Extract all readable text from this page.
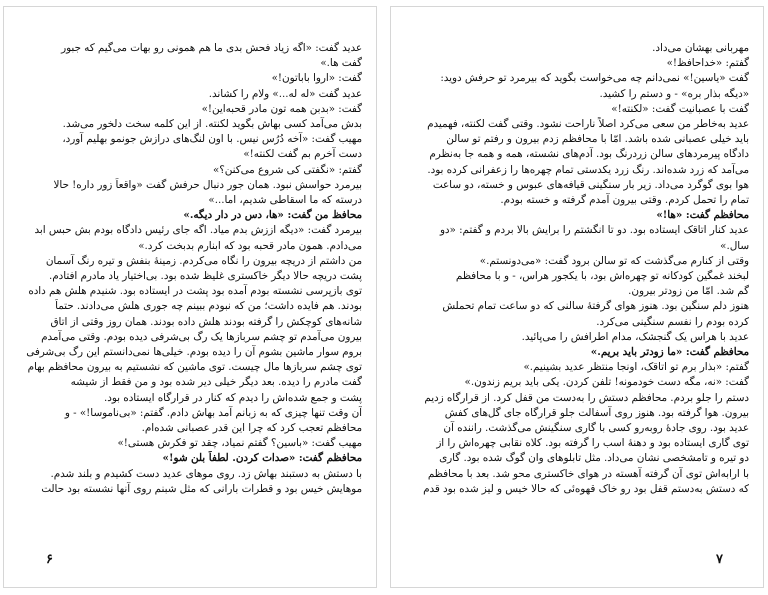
عدید گفت: «اگه زیاد فحش بدی ما هم همونی رو بهات می‌گیم که جبور

گفت ها.»

گفت: «اروا باباتون!»

عدید گفت «له له...» ولام را کشاند.

گفت: «بدبن همه تون مادر قحبه‌این!»

بدش می‌آمد کسی بهاش بگوید لکنته. از این کلمه سخت دلخور می‌شد.

مهیب گفت: «آخه دُرُس نیس. با اون لنگ‌های درازش جونمو بهلیم آورد،

دست آخرم بم گفت لکنته!»

گفتم: «نگفتی کی شروع می‌کنن؟»

بیرمرد حواسش نبود. همان جور دنبال حرفش گفت «واقعاً زور داره! حالا

درسته که ما اسقاطی شدیم، اما...»

محافظ من گفت: «ها، دس در دار دیگه.»

بیرمرد گفت: «دیگه اززش بدم میاد. اگه جای رئیس دادگاه بودم بش حبس ابد

می‌دادم. همون مادر قحبه بود که ابنارم بدبخت کرد.»

من داشتم از دریچه بیرون را نگاه می‌کردم. زمینهٔ بنفش و تیره رنگ آسمان

پشت دریچه حالا دیگر خاکستری غلیظ شده بود. بی‌اختیار یاد مادرم افتادم.

توی بازپرسی نشسته بودم آمده بود پشت در ایستاده بود. شنیدم هلش هم داده

بودند. هم فایده داشت؛ من که نبودم ببینم چه جوری هلش می‌دادند. حتماً

شانه‌های کوچکش را گرفته بودند هلش داده بودند. همان روز وقتی از اتاق

بیرون می‌آمدم تو چشم سربازها یک رگ بی‌شرفی دیده بودم. وقتی می‌آمدم

بروم سوار ماشین بشوم آن را دیده بودم. خیلی‌ها نمی‌دانستم این رگ بی‌شرفی

توی چشم سربازها مال چیست. توی ماشین که نشستیم به بیرون محافظم بهام

گفت مادرم را دیده. بعد دیگر خیلی دیر شده بود و من فقط از شیشه

پشت و جمع شده‌اش را دیدم که کنار در قرارگاه ایستاده بود.

آن وقت تنها چیزی که به زبانم آمد بهاش دادم. گفتم: «بی‌ناموسا!» - و

محافظم تعجب کرد که چرا این قدر عصبانی شده‌ام.

مهیب گفت: «باسین؟ گفتم نمیاد، چقد تو فکرش هستی!»

محافظم گفت: «صدات کردن. لطفاً بلن شو!»

با دستش به دستبند بهاش زد. روی موهای عدید دست کشیدم و بلند شدم.

موهایش خیس بود و قطرات بارانی که مثل شبنم روی آنها نشسته بود حالت

۶

مهربانی بهشان می‌داد.

گفتم: «خداحافظ!»

گفت «یاسین!» نمی‌دانم چه می‌خواست بگوید که بیرمرد تو حرفش دوید:

«دیگه بذار بره» - و دستم را کشید.

گفت با عصبانیت گفت: «لکنته!»

عدید به‌خاطر من سعی می‌کرد اصلاً ناراحت نشود. وقتی گفت لکنته، فهمیدم

باید خیلی عصبانی شده باشد. امّا با محافظم زدم بیرون و رفتم تو سالن

دادگاه پیرمردهای سالن زردرنگ بود. آدم‌های نشسته، همه و همه جا به‌نظرم

می‌آمد که زرد شده‌اند. رنگ زرد یکدستی تمام چهره‌ها را زعفرانی کرده بود.

هوا بوی گوگرد می‌داد. زیر بار سنگینی قیافه‌های عبوس و خسته، دو ساعت

تمام را تحمل کردم. وقتی بیرون آمدم گرفته و خسته بودم.

محافظم گفت: «ها!»

عدید کنار اتاقک ایستاده بود. دو تا انگشتم را برایش بالا بردم و گفتم: «دو

سال.»

وقتی از کنارم می‌گذشت که تو سالن برود گفت: «می‌دونستم.»

لبخند غمگین کودکانه تو چهره‌اش بود، با یکجور هراس، - و با محافظم

گم شد. امّا من زودتر بیرون.

هنوز دلم سنگین بود. هنوز هوای گرفتهٔ سالنی که دو ساعت تمام تحملش

کرده بودم را نفسم سنگینی می‌کرد.

عدید با هراس یک گنجشک، مدام اطرافش را می‌پائید.

محافظم گفت: «ما زودتر باید بریم.»

گفتم: «بذار برم تو اتاقک، اونجا منتظر عدید بشینیم.»

گفت: «نه، مگه دست خودمونه! تلفن کردن. یکی باید بریم زندون.»

دستم را جلو بردم. محافظم دستش را به‌دست من قفل کرد. از قرارگاه زدیم

بیرون. هوا گرفته بود. هنوز روی آسفالت جلو قرارگاه جای گل‌های کفش

عدید بود. روی جادهٔ روبه‌رو کسی با گاری سنگینش می‌گذشت. راننده آن

توی گاری ایستاده بود و دهنهٔ اسب را گرفته بود. کلاه نقابی چهره‌اش را از

دو تیره و تامشخصی نشان می‌داد. مثل تابلوهای وان گوگ شده بود. گاری

با ارابه‌اش توی آن گرفته آهسته در هوای خاکستری محو شد. بعد با محافظم

که دستش به‌دستم قفل بود رو خاک قهوه‌ئی که حالا خیس و لیز شده بود قدم

۷
